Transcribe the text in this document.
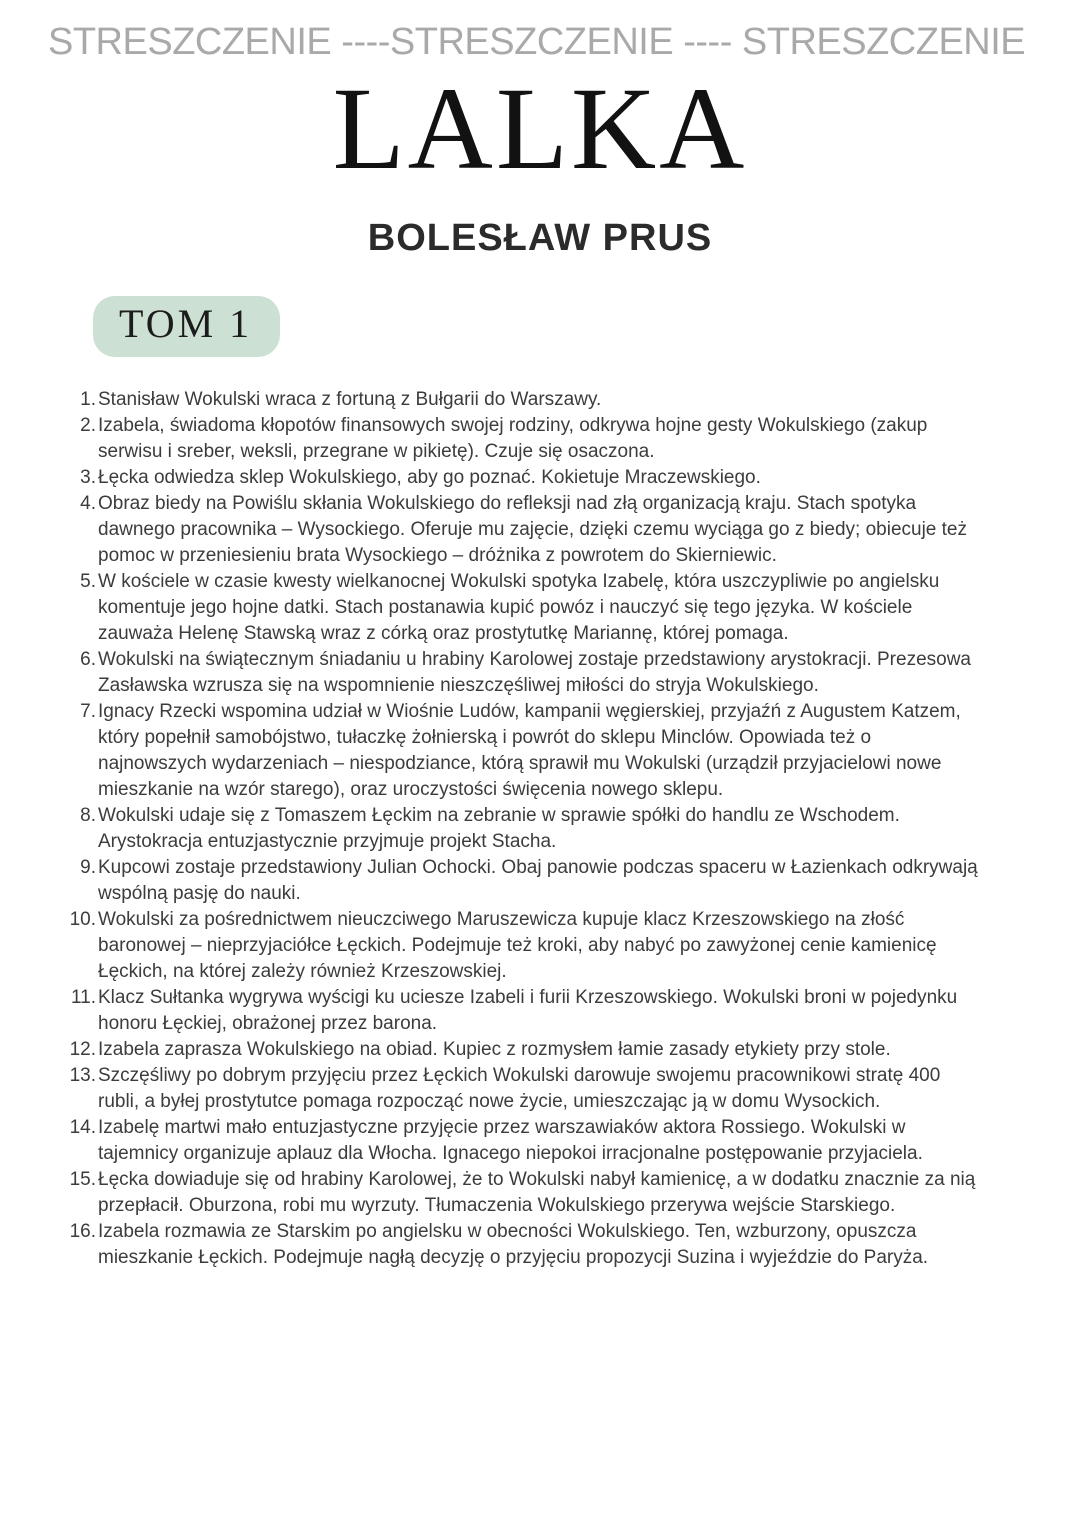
STRESZCZENIE ----STRESZCZENIE ---- STRESZCZENIE
LALKA
BOLESŁAW PRUS
TOM 1
1. Stanisław Wokulski wraca z fortuną z Bułgarii do Warszawy.
2. Izabela, świadoma kłopotów finansowych swojej rodziny, odkrywa hojne gesty Wokulskiego (zakup serwisu i sreber, weksli, przegrane w pikietę). Czuje się osaczona.
3. Łęcka odwiedza sklep Wokulskiego, aby go poznać. Kokietuje Mraczewskiego.
4. Obraz biedy na Powiślu skłania Wokulskiego do refleksji nad złą organizacją kraju. Stach spotyka dawnego pracownika – Wysockiego. Oferuje mu zajęcie, dzięki czemu wyciąga go z biedy; obiecuje też pomoc w przeniesieniu brata Wysockiego – dróżnika z powrotem do Skierniewic.
5. W kościele w czasie kwesty wielkanocnej Wokulski spotyka Izabelę, która uszczypliwie po angielsku komentuje jego hojne datki. Stach postanawia kupić powóz i nauczyć się tego języka. W kościele zauważa Helenę Stawską wraz z córką oraz prostytutkę Mariannę, której pomaga.
6. Wokulski na świątecznym śniadaniu u hrabiny Karolowej zostaje przedstawiony arystokracji. Prezesowa Zasławska wzrusza się na wspomnienie nieszczęśliwej miłości do stryja Wokulskiego.
7. Ignacy Rzecki wspomina udział w Wiośnie Ludów, kampanii węgierskiej, przyjaźń z Augustem Katzem, który popełnił samobójstwo, tułaczkę żołnierską i powrót do sklepu Minclów. Opowiada też o najnowszych wydarzeniach – niespodziance, którą sprawił mu Wokulski (urządził przyjacielowi nowe mieszkanie na wzór starego), oraz uroczystości święcenia nowego sklepu.
8. Wokulski udaje się z Tomaszem Łęckim na zebranie w sprawie spółki do handlu ze Wschodem. Arystokracja entuzjastycznie przyjmuje projekt Stacha.
9. Kupcowi zostaje przedstawiony Julian Ochocki. Obaj panowie podczas spaceru w Łazienkach odkrywają wspólną pasję do nauki.
10. Wokulski za pośrednictwem nieuczciwego Maruszewicza kupuje klacz Krzeszowskiego na złość baronowej – nieprzyjaciółce Łęckich. Podejmuje też kroki, aby nabyć po zawyżonej cenie kamienicę Łęckich, na której zależy również Krzeszowskiej.
11. Klacz Sułtanka wygrywa wyścigi ku uciesze Izabeli i furii Krzeszowskiego. Wokulski broni w pojedynku honoru Łęckiej, obrażonej przez barona.
12. Izabela zaprasza Wokulskiego na obiad. Kupiec z rozmysłem łamie zasady etykiety przy stole.
13. Szczęśliwy po dobrym przyjęciu przez Łęckich Wokulski darowuje swojemu pracownikowi stratę 400 rubli, a byłej prostytutce pomaga rozpocząć nowe życie, umieszczając ją w domu Wysockich.
14. Izabelę martwi mało entuzjastyczne przyjęcie przez warszawiaków aktora Rossiego. Wokulski w tajemnicy organizuje aplauz dla Włocha. Ignacego niepokoi irracjonalne postępowanie przyjaciela.
15. Łęcka dowiaduje się od hrabiny Karolowej, że to Wokulski nabył kamienicę, a w dodatku znacznie za nią przepłacił. Oburzona, robi mu wyrzuty. Tłumaczenia Wokulskiego przerywa wejście Starskiego.
16. Izabela rozmawia ze Starskim po angielsku w obecności Wokulskiego. Ten, wzburzony, opuszcza mieszkanie Łęckich. Podejmuje nagłą decyzję o przyjęciu propozycji Suzina i wyjeździe do Paryża.
